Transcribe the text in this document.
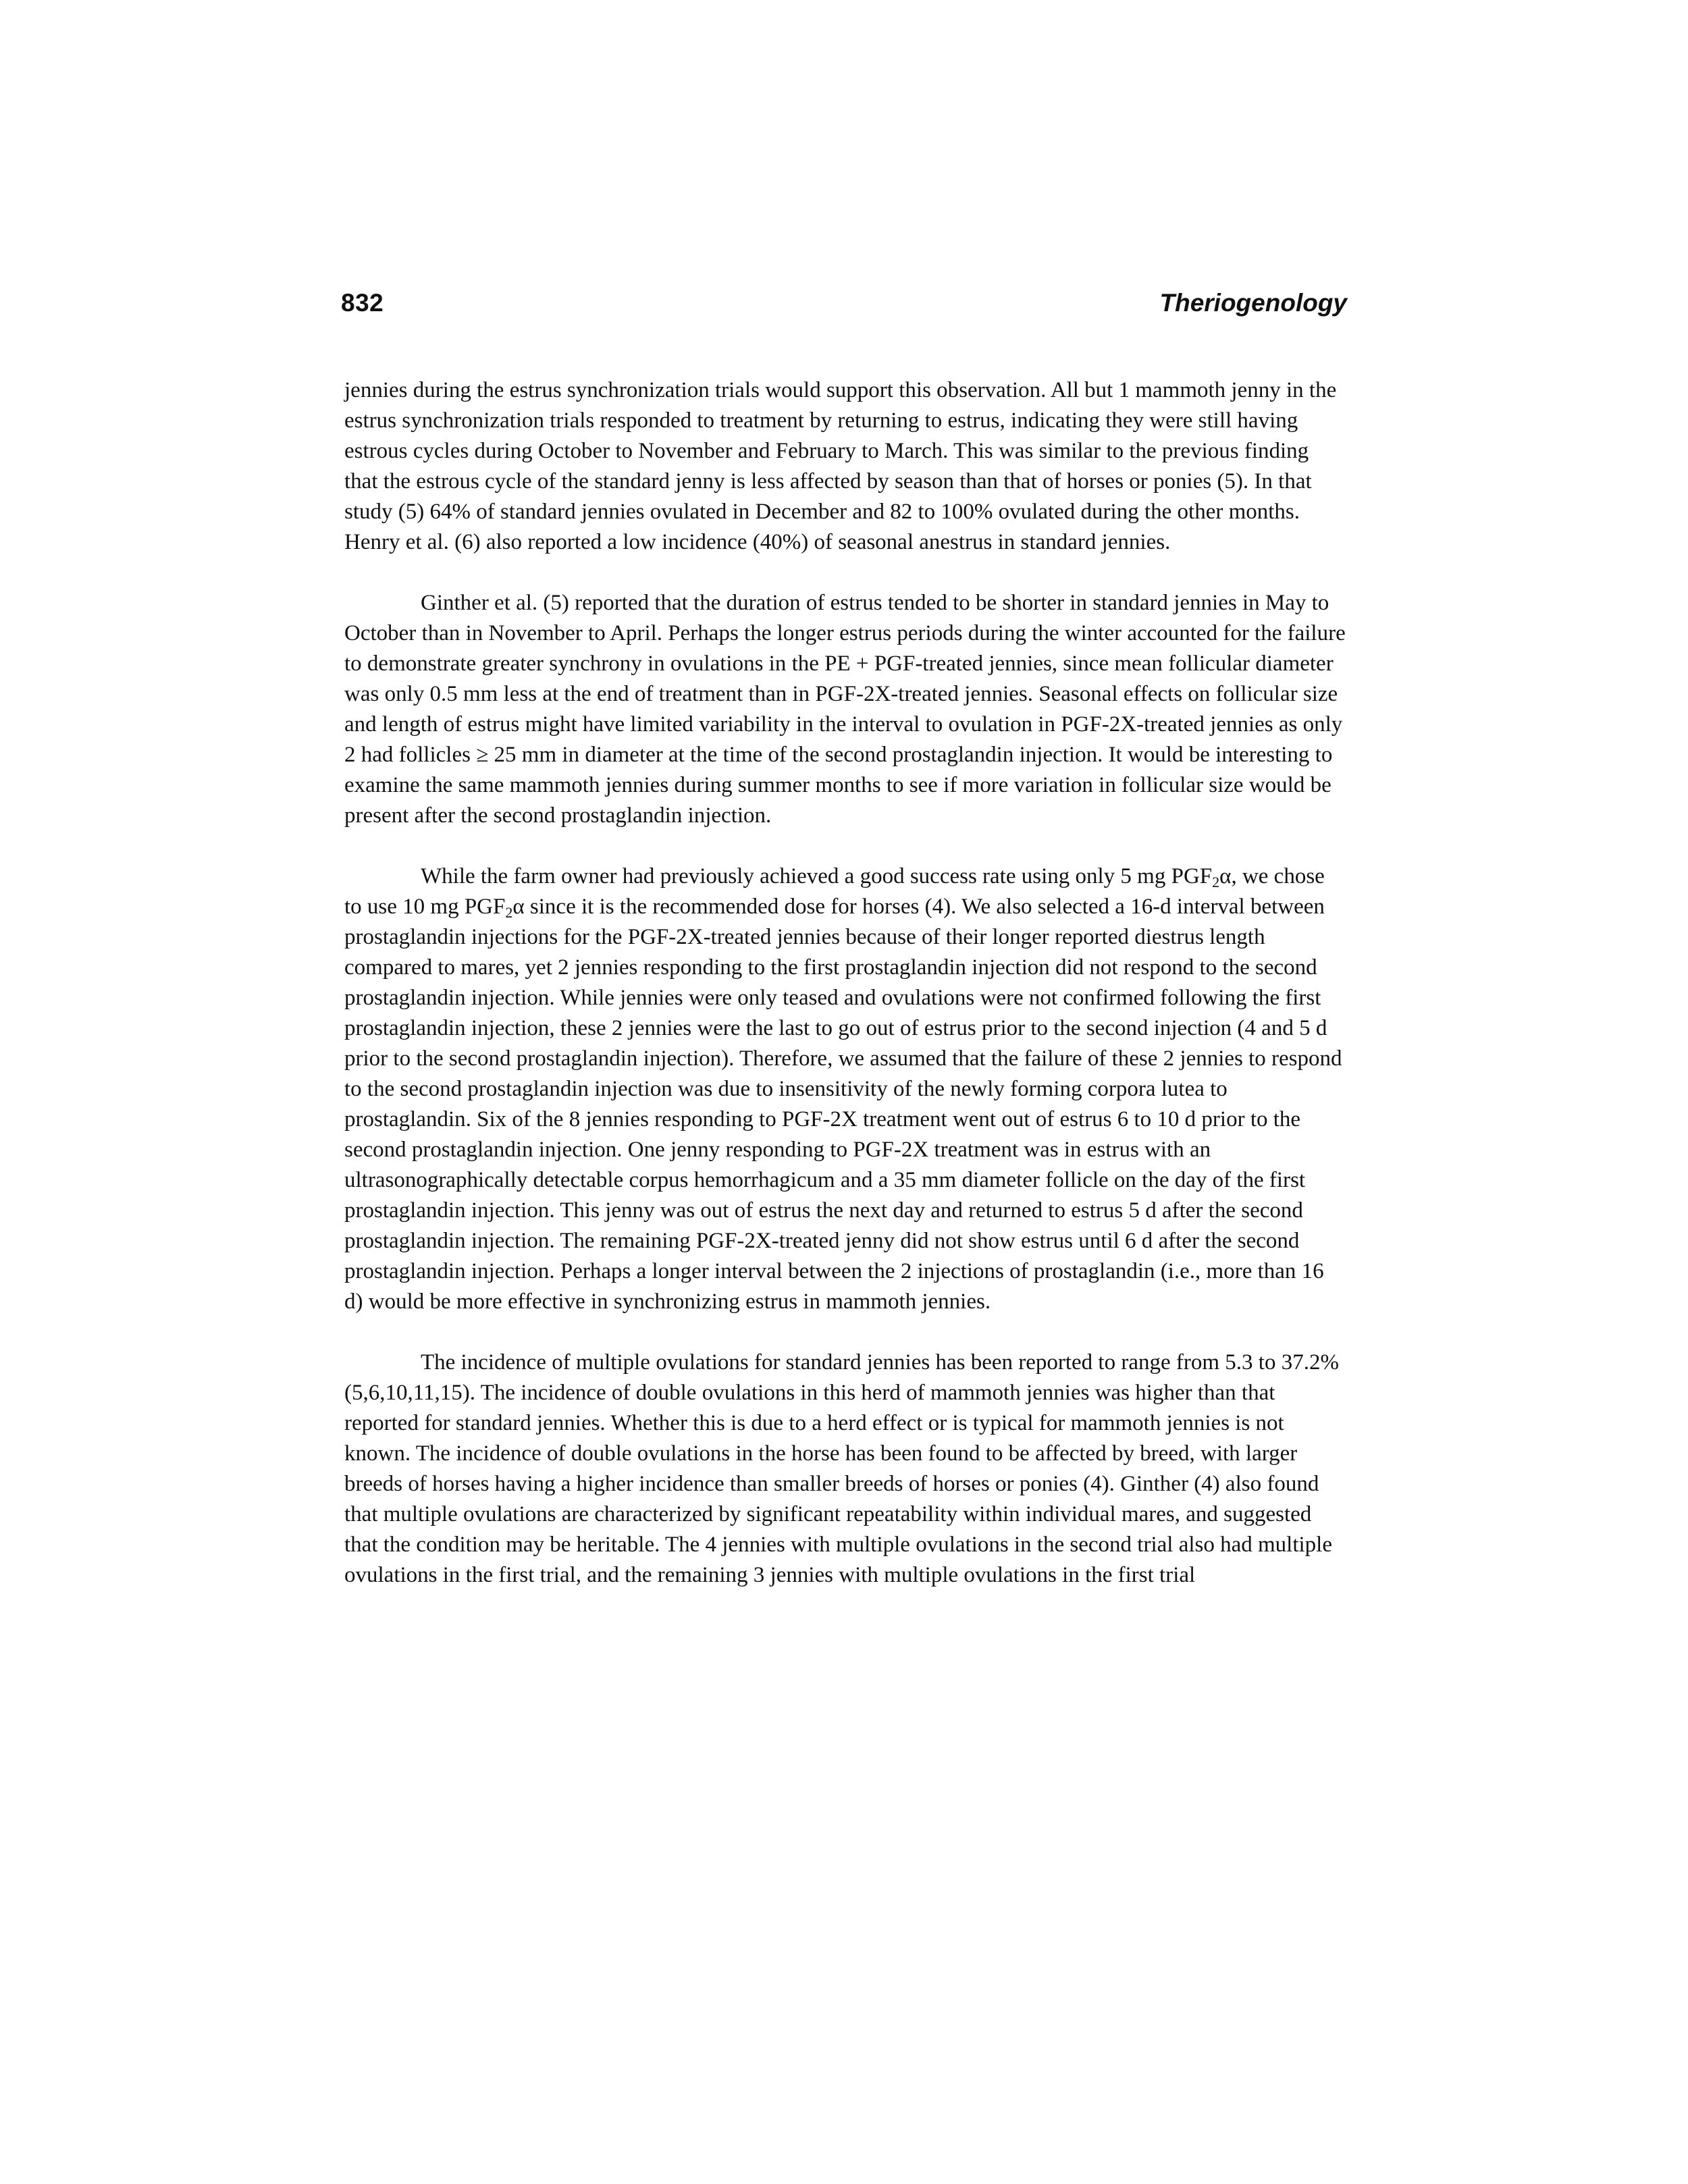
832	Theriogenology

jennies during the estrus synchronization trials would support this observation. All but 1 mammoth jenny in the estrus synchronization trials responded to treatment by returning to estrus, indicating they were still having estrous cycles during October to November and February to March. This was similar to the previous finding that the estrous cycle of the standard jenny is less affected by season than that of horses or ponies (5). In that study (5) 64% of standard jennies ovulated in December and 82 to 100% ovulated during the other months. Henry et al. (6) also reported a low incidence (40%) of seasonal anestrus in standard jennies.

Ginther et al. (5) reported that the duration of estrus tended to be shorter in standard jennies in May to October than in November to April. Perhaps the longer estrus periods during the winter accounted for the failure to demonstrate greater synchrony in ovulations in the PE + PGF-treated jennies, since mean follicular diameter was only 0.5 mm less at the end of treatment than in PGF-2X-treated jennies. Seasonal effects on follicular size and length of estrus might have limited variability in the interval to ovulation in PGF-2X-treated jennies as only 2 had follicles ≥ 25 mm in diameter at the time of the second prostaglandin injection. It would be interesting to examine the same mammoth jennies during summer months to see if more variation in follicular size would be present after the second prostaglandin injection.

While the farm owner had previously achieved a good success rate using only 5 mg $PGF_2\alpha$, we chose to use 10 mg $PGF_2\alpha$ since it is the recommended dose for horses (4). We also selected a 16-d interval between prostaglandin injections for the PGF-2X-treated jennies because of their longer reported diestrus length compared to mares, yet 2 jennies responding to the first prostaglandin injection did not respond to the second prostaglandin injection. While jennies were only teased and ovulations were not confirmed following the first prostaglandin injection, these 2 jennies were the last to go out of estrus prior to the second injection (4 and 5 d prior to the second prostaglandin injection). Therefore, we assumed that the failure of these 2 jennies to respond to the second prostaglandin injection was due to insensitivity of the newly forming corpora lutea to prostaglandin. Six of the 8 jennies responding to PGF-2X treatment went out of estrus 6 to 10 d prior to the second prostaglandin injection. One jenny responding to PGF-2X treatment was in estrus with an ultrasonographically detectable corpus hemorrhagicum and a 35 mm diameter follicle on the day of the first prostaglandin injection. This jenny was out of estrus the next day and returned to estrus 5 d after the second prostaglandin injection. The remaining PGF-2X-treated jenny did not show estrus until 6 d after the second prostaglandin injection. Perhaps a longer interval between the 2 injections of prostaglandin (i.e., more than 16 d) would be more effective in synchronizing estrus in mammoth jennies.

The incidence of multiple ovulations for standard jennies has been reported to range from 5.3 to 37.2% (5,6,10,11,15). The incidence of double ovulations in this herd of mammoth jennies was higher than that reported for standard jennies. Whether this is due to a herd effect or is typical for mammoth jennies is not known. The incidence of double ovulations in the horse has been found to be affected by breed, with larger breeds of horses having a higher incidence than smaller breeds of horses or ponies (4). Ginther (4) also found that multiple ovulations are characterized by significant repeatability within individual mares, and suggested that the condition may be heritable. The 4 jennies with multiple ovulations in the second trial also had multiple ovulations in the first trial, and the remaining 3 jennies with multiple ovulations in the first trial
